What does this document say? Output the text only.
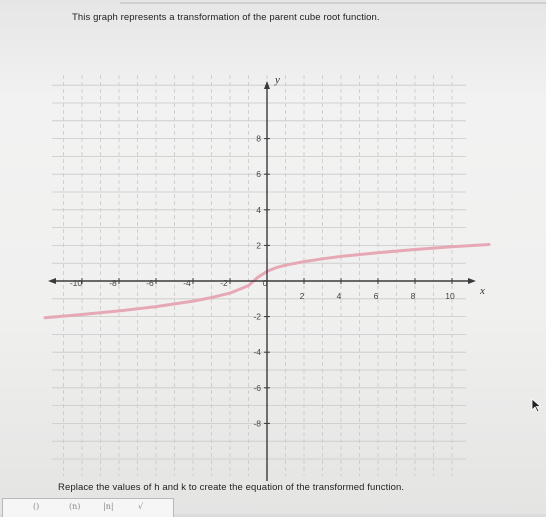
This graph represents a transformation of the parent cube root function.
x
y
-10	-8	-6	-4	-2	0
2	4	6	8	10
8
6
4
2
-2
-4
-6
-8
Replace the values of h and k to create the equation of the transformed function.
()	(n)	|n|	√
